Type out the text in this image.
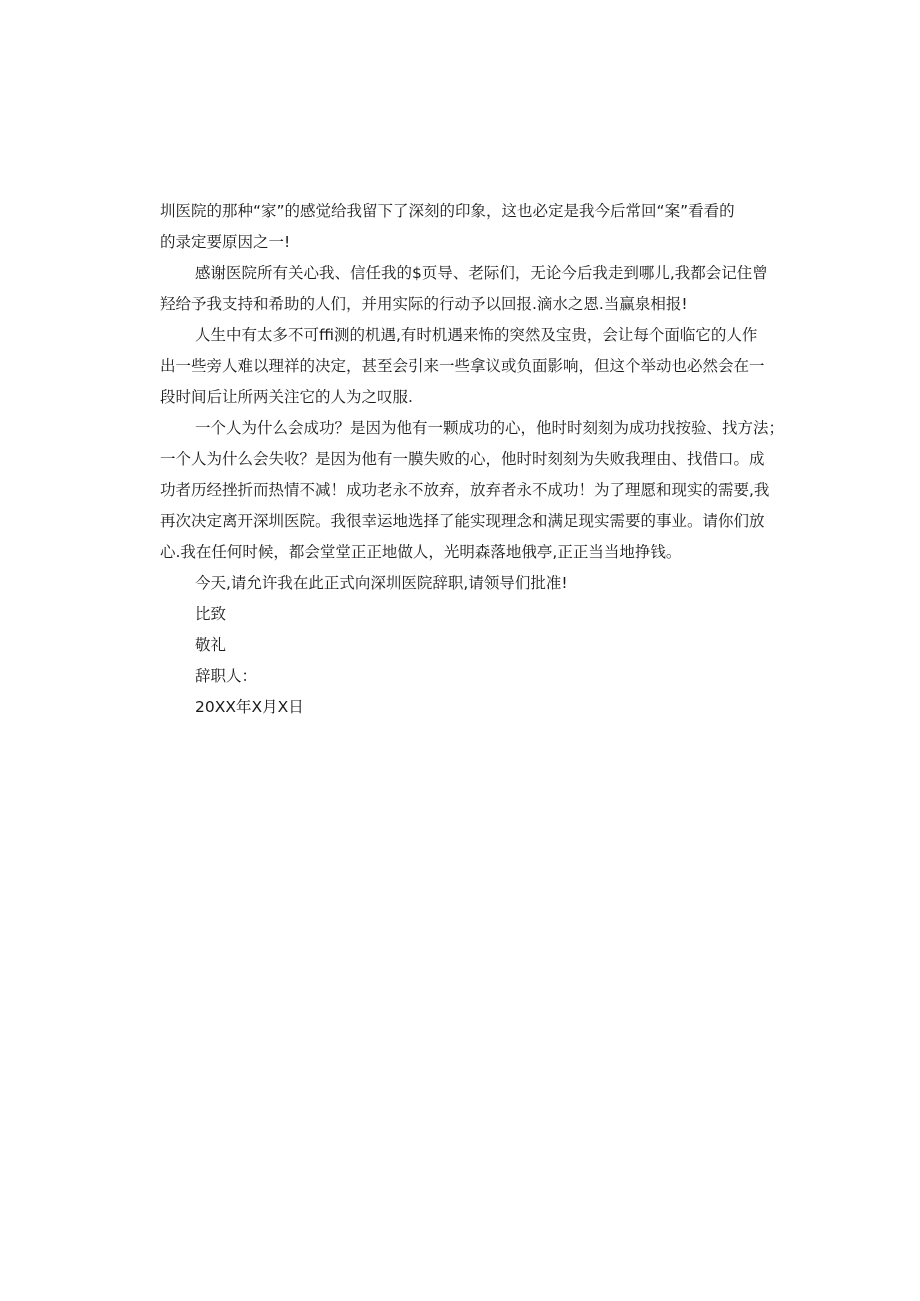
圳医院的那种“家”的感觉给我留下了深刻的印象，这也必定是我今后常回“案”看看的
的录定要原因之一!
感谢医院所有关心我、信任我的$页导、老际们，无论今后我走到哪儿,我都会记住曾
羟给予我支持和希助的人们，并用实际的行动予以回报.滴水之恩.当赢泉相报!
人生中有太多不可ffi测的机遇,有时机遇来怖的突然及宝贵，会让每个面临它的人作
出一些旁人难以理祥的决定，甚至会引来一些拿议或负面影响，但这个举动也必然会在一
段时间后让所两关注它的人为之叹服.
一个人为什么会成功？是因为他有一颗成功的心，他时时刻刻为成功找按验、找方法；
一个人为什么会失收？是因为他有一膜失败的心，他时时刻刻为失败我理由、找借口。成
功者历经挫折而热情不减！成功老永不放弃，放弃者永不成功！为了理愿和现实的需要,我
再次决定离开深圳医院。我很幸运地选择了能实现理念和满足现实需要的事业。请你们放
心.我在任何时候，都会堂堂正正地做人，光明森落地俄亭,正正当当地挣钱。
今天,请允许我在此正式向深圳医院辞职,请领导们批准!
比致
敬礼
辞职人：
20XX年X月X日
